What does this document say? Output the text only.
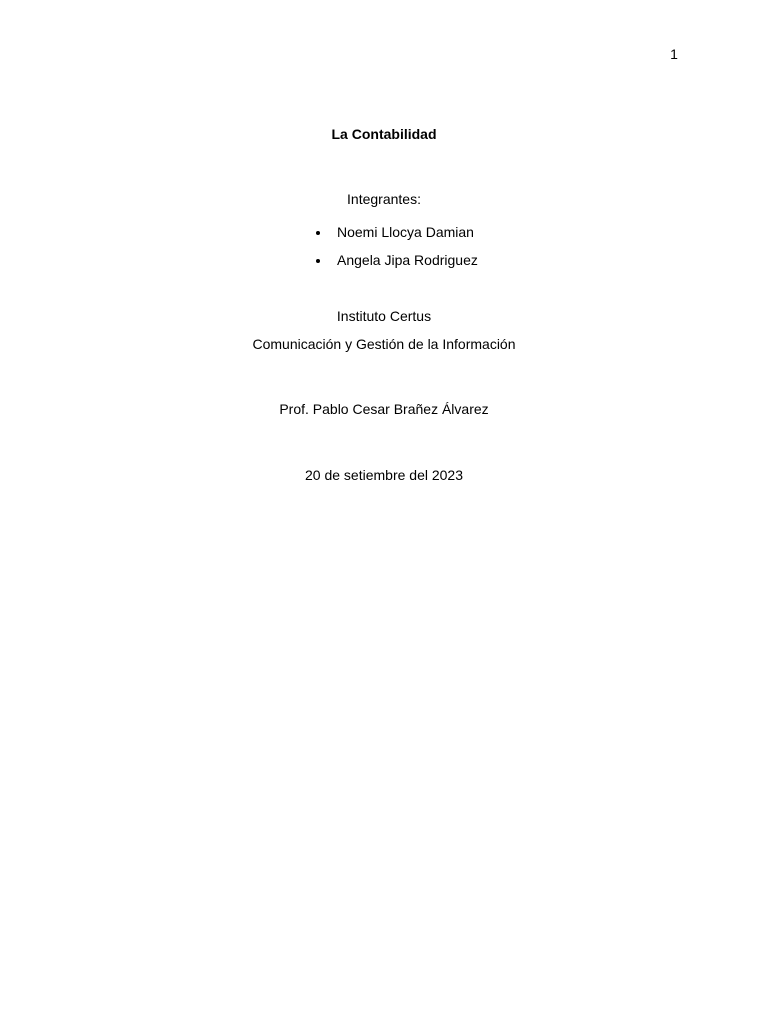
1
La Contabilidad
Integrantes:
Noemi Llocya Damian
Angela Jipa Rodriguez
Instituto Certus
Comunicación y Gestión de la Información
Prof. Pablo Cesar Brañez Álvarez
20 de setiembre del 2023
